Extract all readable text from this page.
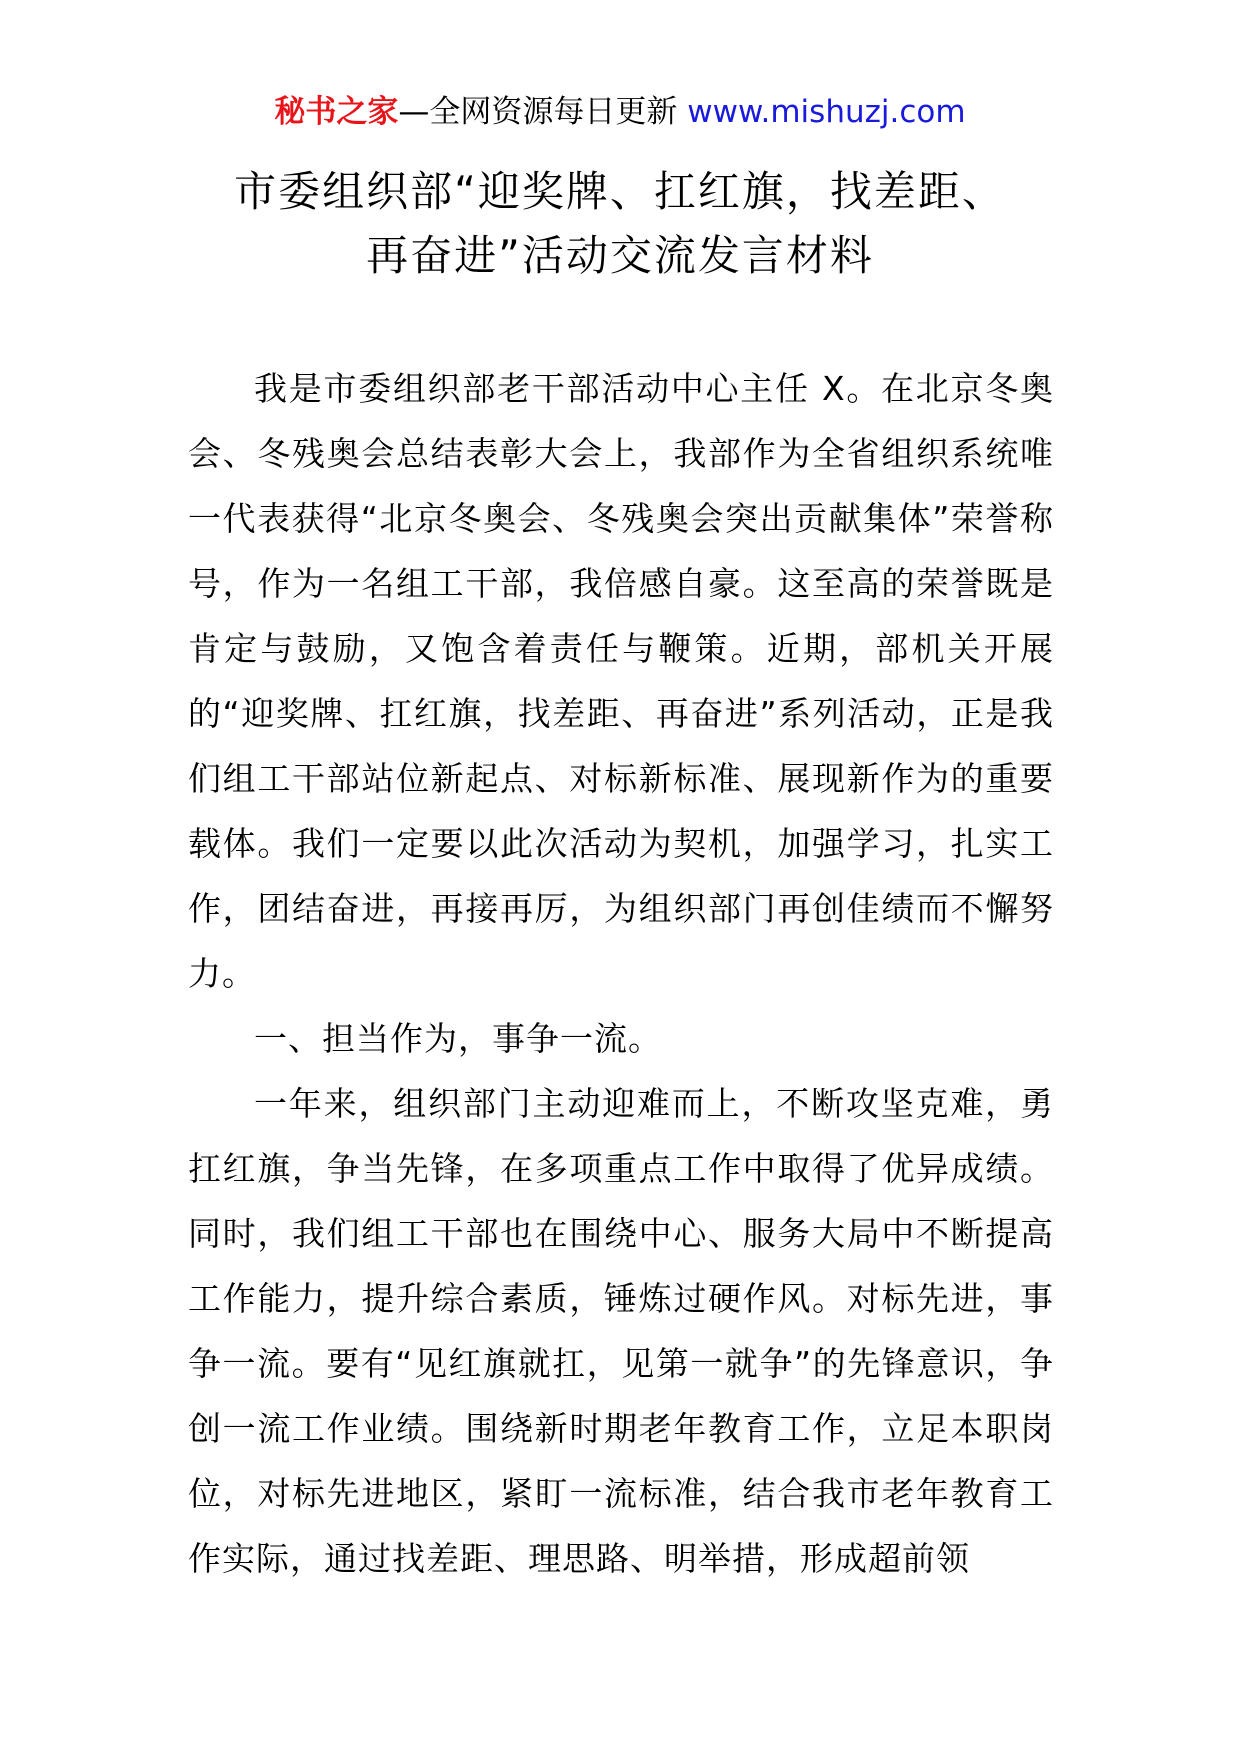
秘书之家—全网资源每日更新 www.mishuzj.com
市委组织部“迎奖牌、扛红旗，找差距、
再奋进”活动交流发言材料

我是市委组织部老干部活动中心主任 X。在北京冬奥会、冬残奥会总结表彰大会上，我部作为全省组织系统唯一代表获得“北京冬奥会、冬残奥会突出贡献集体”荣誉称号，作为一名组工干部，我倍感自豪。这至高的荣誉既是肯定与鼓励，又饱含着责任与鞭策。近期，部机关开展的“迎奖牌、扛红旗，找差距、再奋进”系列活动，正是我们组工干部站位新起点、对标新标准、展现新作为的重要载体。我们一定要以此次活动为契机，加强学习，扎实工作，团结奋进，再接再厉，为组织部门再创佳绩而不懈努力。

一、担当作为，事争一流。

一年来，组织部门主动迎难而上，不断攻坚克难，勇扛红旗，争当先锋，在多项重点工作中取得了优异成绩。同时，我们组工干部也在围绕中心、服务大局中不断提高工作能力，提升综合素质，锤炼过硬作风。对标先进，事争一流。要有“见红旗就扛，见第一就争”的先锋意识，争创一流工作业绩。围绕新时期老年教育工作，立足本职岗位，对标先进地区，紧盯一流标准，结合我市老年教育工作实际，通过找差距、理思路、明举措，形成超前领
